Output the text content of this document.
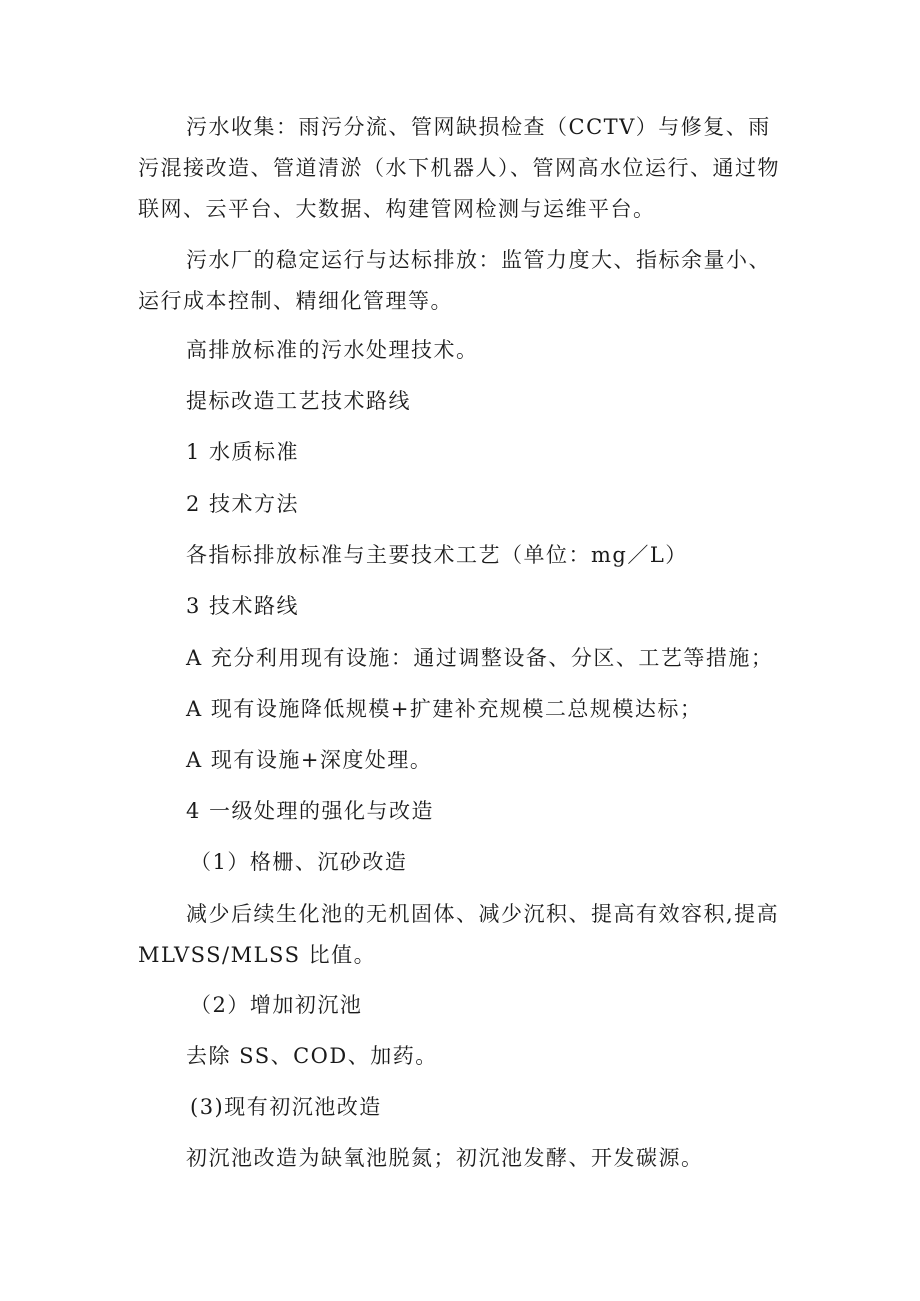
污水收集：雨污分流、管网缺损检查（CCTV）与修复、雨污混接改造、管道清淤（水下机器人）、管网高水位运行、通过物联网、云平台、大数据、构建管网检测与运维平台。

污水厂的稳定运行与达标排放：监管力度大、指标余量小、运行成本控制、精细化管理等。

高排放标准的污水处理技术。

提标改造工艺技术路线

1 水质标准

2 技术方法

各指标排放标准与主要技术工艺（单位：mg／L）

3 技术路线

A 充分利用现有设施：通过调整设备、分区、工艺等措施；

A 现有设施降低规模+扩建补充规模二总规模达标；

A 现有设施+深度处理。

4 一级处理的强化与改造

（1）格栅、沉砂改造

减少后续生化池的无机固体、减少沉积、提高有效容积,提高 MLVSS/MLSS 比值。

（2）增加初沉池

去除 SS、COD、加药。

(3)现有初沉池改造

初沉池改造为缺氧池脱氮；初沉池发酵、开发碳源。
